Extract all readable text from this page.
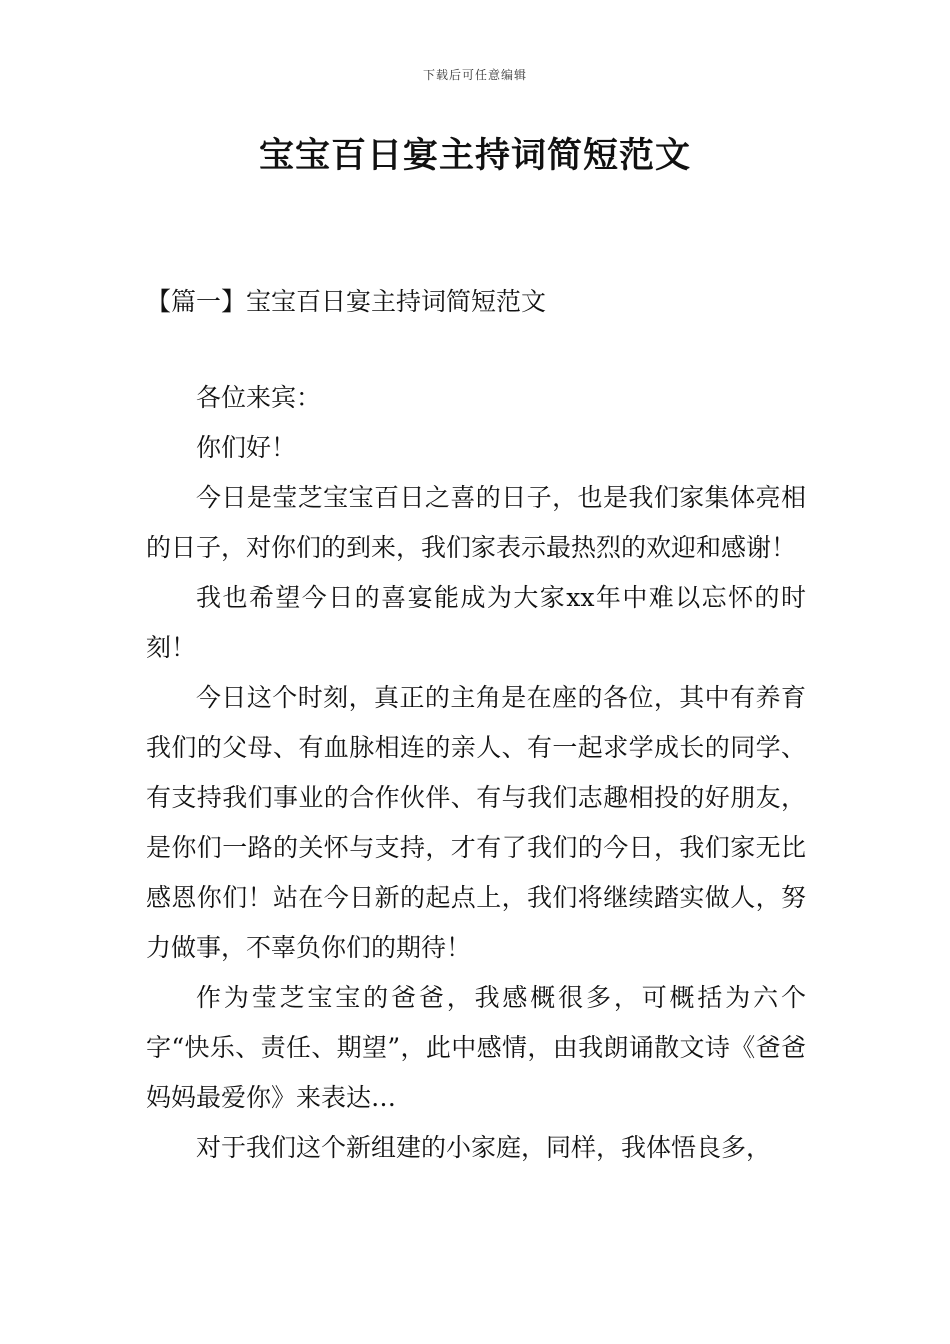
下载后可任意编辑
宝宝百日宴主持词简短范文
【篇一】宝宝百日宴主持词简短范文

各位来宾：

你们好！

今日是莹芝宝宝百日之喜的日子，也是我们家集体亮相的日子，对你们的到来，我们家表示最热烈的欢迎和感谢！

我也希望今日的喜宴能成为大家xx年中难以忘怀的时刻！

今日这个时刻，真正的主角是在座的各位，其中有养育我们的父母、有血脉相连的亲人、有一起求学成长的同学、有支持我们事业的合作伙伴、有与我们志趣相投的好朋友，是你们一路的关怀与支持，才有了我们的今日，我们家无比感恩你们！站在今日新的起点上，我们将继续踏实做人，努力做事，不辜负你们的期待！

作为莹芝宝宝的爸爸，我感概很多，可概括为六个字“快乐、责任、期望”，此中感情，由我朗诵散文诗《爸爸妈妈最爱你》来表达…

对于我们这个新组建的小家庭，同样，我体悟良多，
